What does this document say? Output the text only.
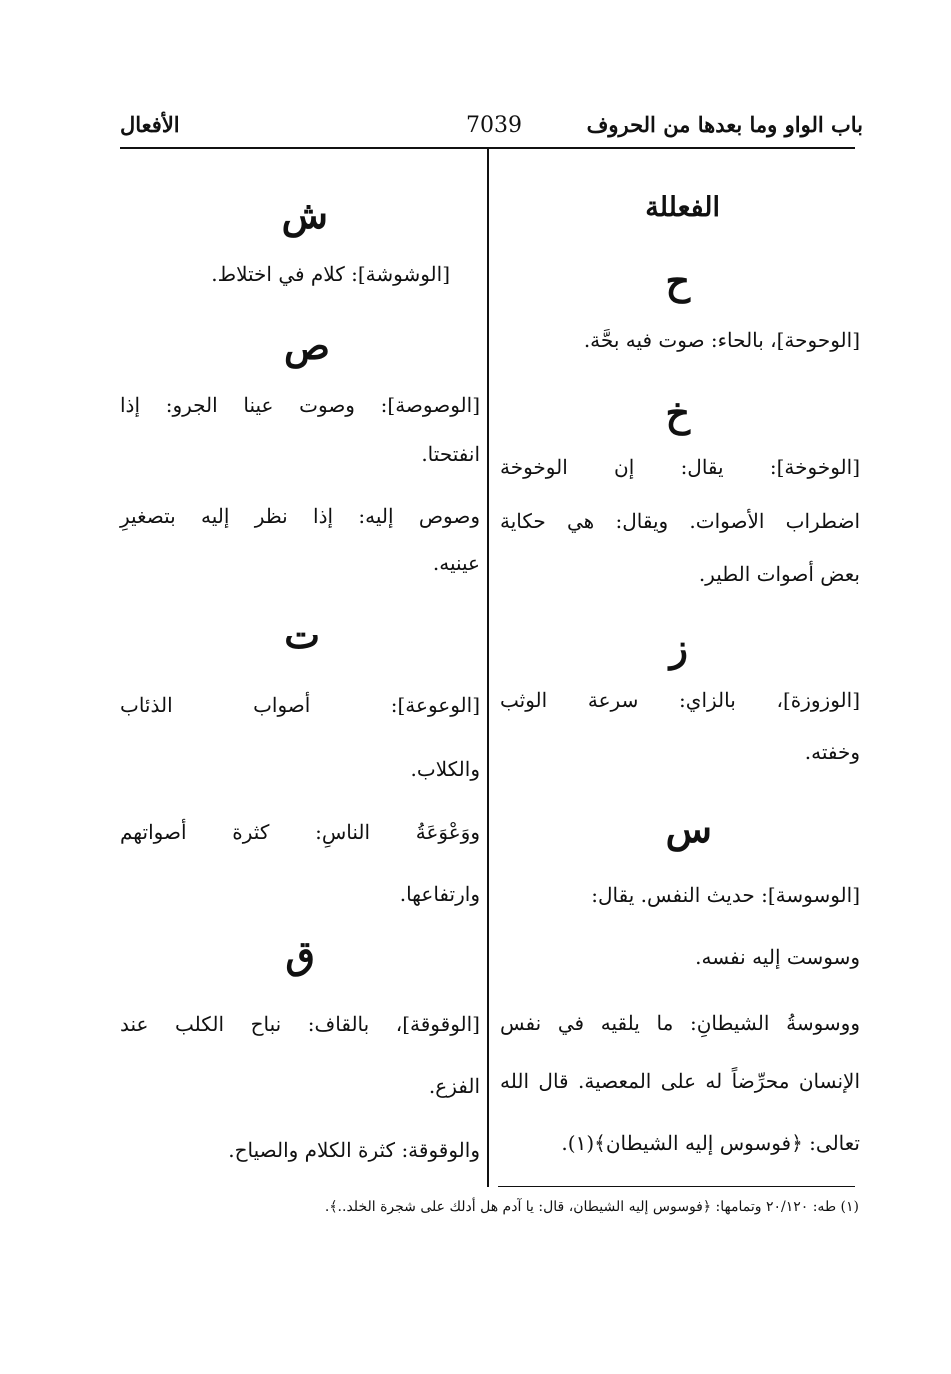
باب الواو وما بعدها من الحروف
7039
الأفعال
الفعللة
ح
[الوحوحة]، بالحاء: صوت فيه بحَّة.
خ
[الوخوخة]: يقال: إن الوخوخة
اضطراب الأصوات. ويقال: هي حكاية
بعض أصوات الطير.
ز
[الوزوزة]، بالزاي: سرعة الوثب
وخفته.
س
[الوسوسة]: حديث النفس. يقال:
وسوست إليه نفسه.
ووسوسةُ الشيطانِ: ما يلقيه في نفس
الإنسان محرِّضاً له على المعصية. قال الله
تعالى: ﴿فوسوس إليه الشيطان﴾(١).
ش
[الوشوشة]: كلام في اختلاط.
ص
[الوصوصة]: وصوت عينا الجرو: إذا
انفتحتا.
وصوص إليه: إذا نظر إليه بتصغيرِ
عينيه.
ت
[الوعوعة]: أصواب الذئاب
والكلاب.
ووَعْوَعَةُ الناسِ: كثرة أصواتهم
وارتفاعها.
ق
[الوقوقة]، بالقاف: نباح الكلب عند
الفزع.
والوقوقة: كثرة الكلام والصياح.
(١) طه: ٢٠/١٢٠ وتمامها: ﴿فوسوس إليه الشيطان، قال: يا آدم هل أدلك على شجرة الخلد..﴾.
